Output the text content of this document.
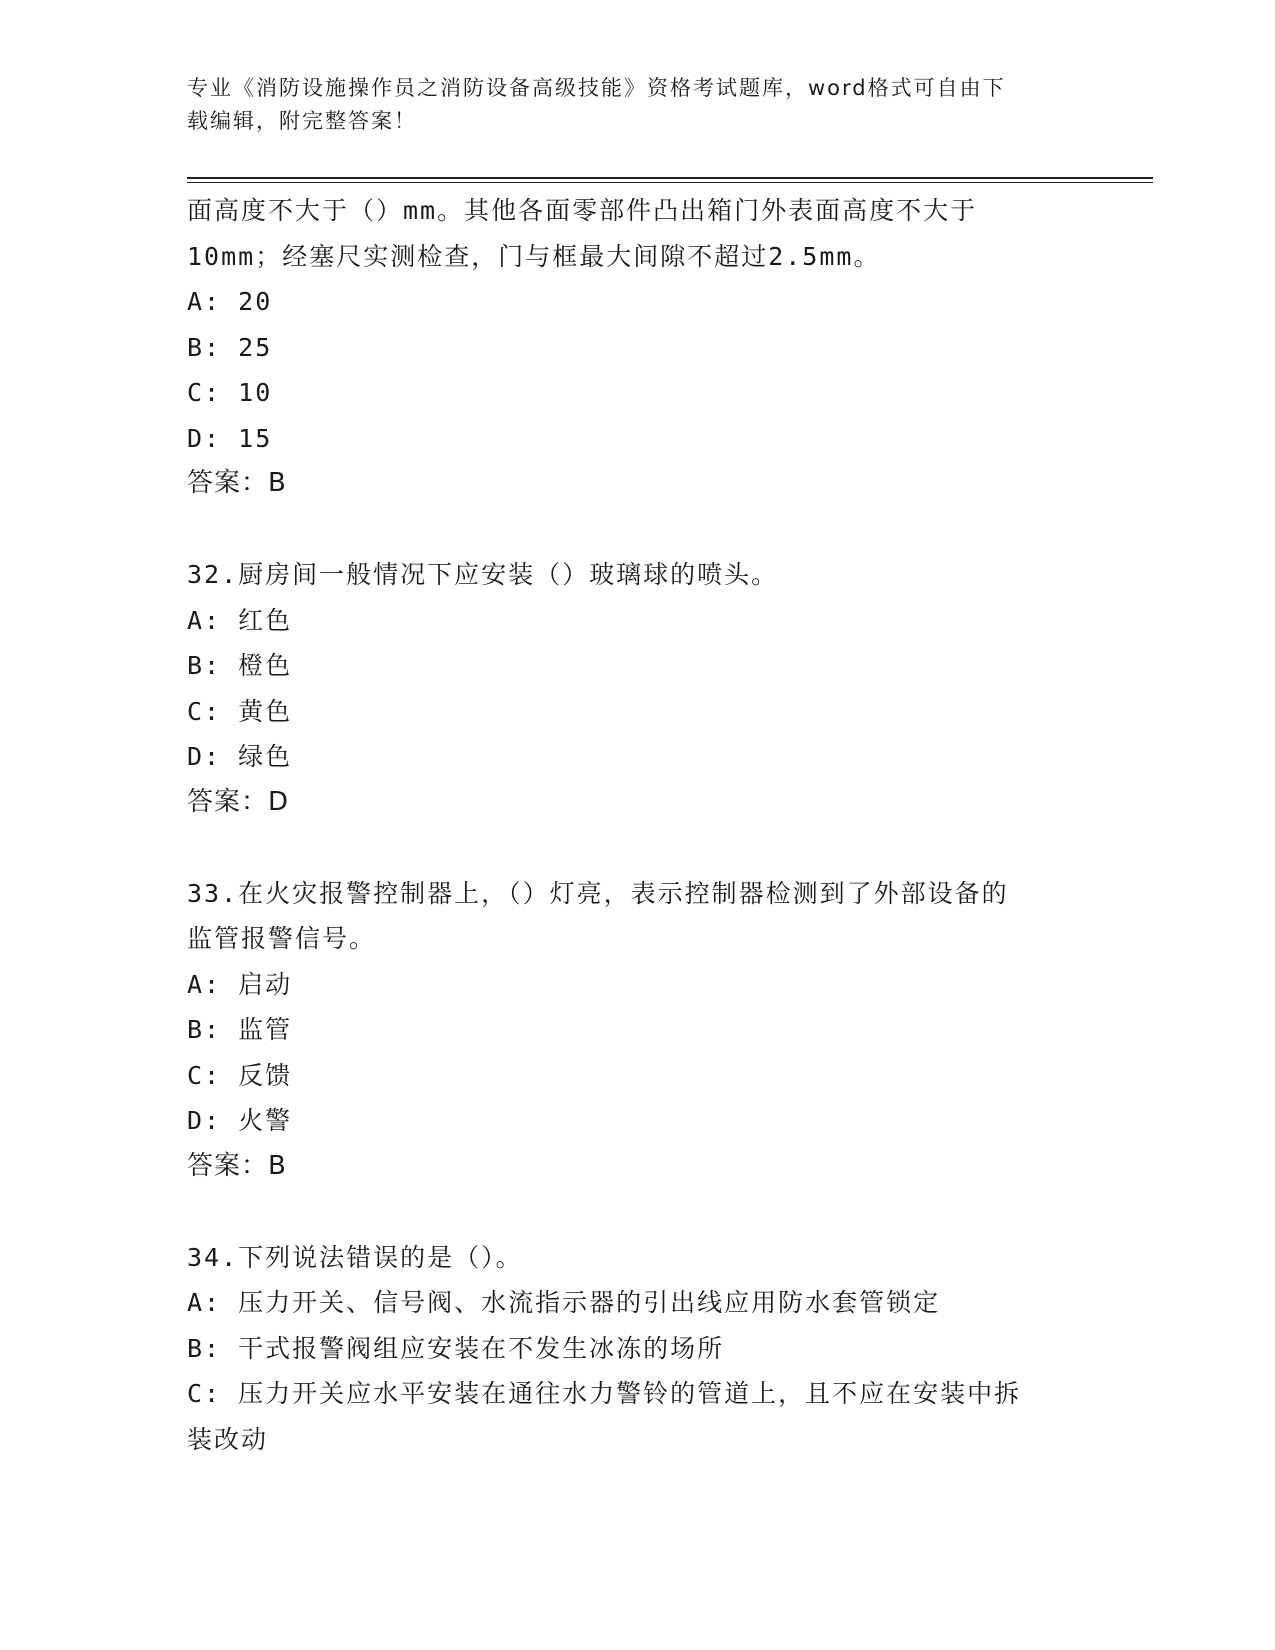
专业《消防设施操作员之消防设备高级技能》资格考试题库，word格式可自由下
载编辑，附完整答案！
面高度不大于（）mm。其他各面零部件凸出箱门外表面高度不大于
10mm；经塞尺实测检查，门与框最大间隙不超过2.5mm。
A: 20
B: 25
C: 10
D: 15
答案：B
32.厨房间一般情况下应安装（）玻璃球的喷头。
A: 红色
B: 橙色
C: 黄色
D: 绿色
答案：D
33.在火灾报警控制器上，（）灯亮，表示控制器检测到了外部设备的
监管报警信号。
A: 启动
B: 监管
C: 反馈
D: 火警
答案：B
34.下列说法错误的是（）。
A: 压力开关、信号阀、水流指示器的引出线应用防水套管锁定
B: 干式报警阀组应安装在不发生冰冻的场所
C: 压力开关应水平安装在通往水力警铃的管道上，且不应在安装中拆
装改动
